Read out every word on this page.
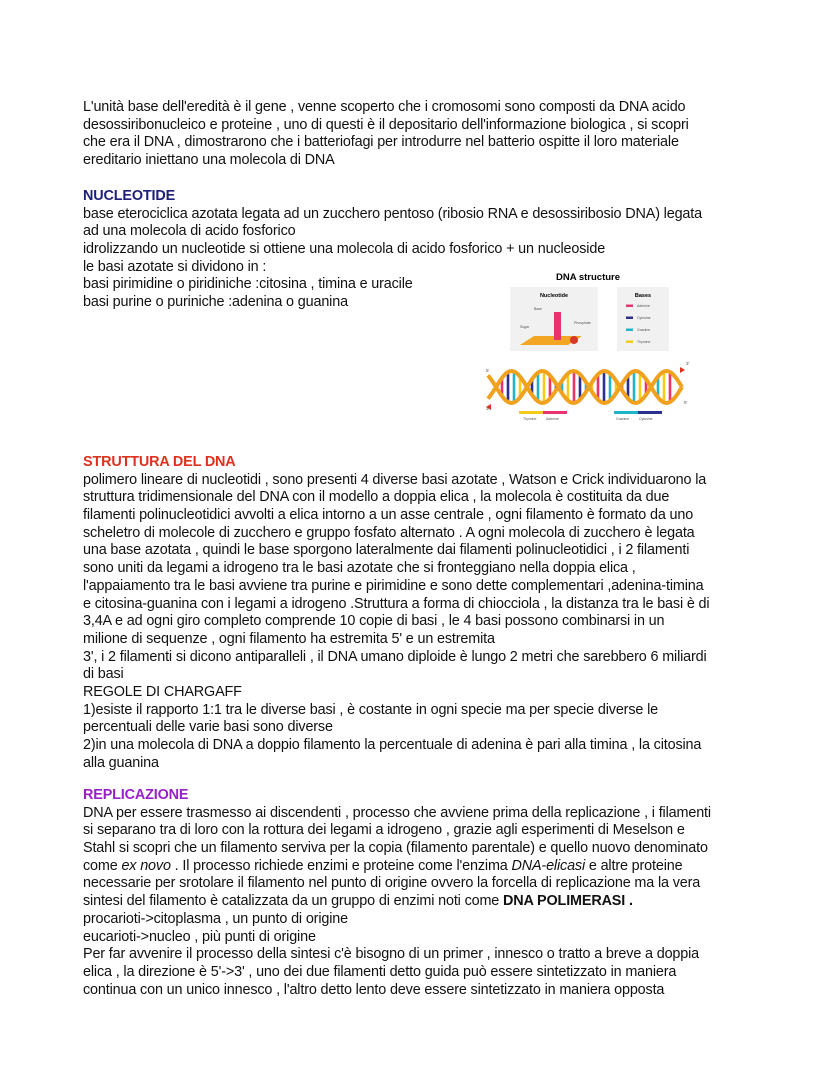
L'unità base dell'eredità è il gene , venne scoperto che i cromosomi sono composti da DNA acido
desossiribonucleico e proteine , uno di questi è il depositario dell'informazione biologica , si scopri
che era il DNA , dimostrarono che i batteriofagi per introdurre nel batterio ospitte il loro materiale
ereditario iniettano una molecola di DNA
NUCLEOTIDE
base eterociclica azotata legata ad un zucchero pentoso (ribosio RNA e desossiribosio DNA) legata
ad una molecola di acido fosforico
idrolizzando un nucleotide si ottiene una molecola di acido fosforico + un nucleoside
le basi azotate si dividono in :
basi pirimidine o piridiniche :citosina , timina e uracile
basi purine o puriniche :adenina o guanina
DNA structure
Nucleotide	Bases
Base
Sugar
Phosphate
Adenine
Cytosine
Guanine
Thymine
5'
3'
3'
5'
Thymine	Adenine	Guanine	Cytosine
STRUTTURA DEL DNA
polimero lineare di nucleotidi , sono presenti 4 diverse basi azotate , Watson e Crick individuarono la
struttura tridimensionale del DNA con il modello a doppia elica , la molecola è costituita da due
filamenti polinucleotidici avvolti a elica intorno a un asse centrale , ogni filamento è formato da uno
scheletro di molecole di zucchero e gruppo fosfato alternato . A ogni molecola di zucchero è legata
una base azotata , quindi le base sporgono lateralmente dai filamenti polinucleotidici , i 2 filamenti
sono uniti da legami a idrogeno tra le basi azotate che si fronteggiano nella doppia elica ,
l'appaiamento tra le basi avviene tra purine e pirimidine e sono dette complementari ,adenina-timina
e citosina-guanina con i legami a idrogeno .Struttura a forma di chiocciola , la distanza tra le basi è di
3,4A e ad ogni giro completo comprende 10 copie di basi , le 4 basi possono combinarsi in un
milione di sequenze , ogni filamento ha estremita 5' e un estremita
3', i 2 filamenti si dicono antiparalleli , il DNA umano diploide è lungo 2 metri che sarebbero 6 miliardi
di basi
REGOLE DI CHARGAFF
1)esiste il rapporto 1:1 tra le diverse basi , è costante in ogni specie ma per specie diverse le
percentuali delle varie basi sono diverse
2)in una molecola di DNA a doppio filamento la percentuale di adenina è pari alla timina , la citosina
alla guanina
REPLICAZIONE
DNA per essere trasmesso ai discendenti , processo che avviene prima della replicazione , i filamenti
si separano tra di loro con la rottura dei legami a idrogeno , grazie agli esperimenti di Meselson e
Stahl si scopri che un filamento serviva per la copia (filamento parentale) e quello nuovo denominato
come ex novo . Il processo richiede enzimi e proteine come l'enzima DNA-elicasi e altre proteine
necessarie per srotolare il filamento nel punto di origine ovvero la forcella di replicazione ma la vera
sintesi del filamento è catalizzata da un gruppo di enzimi noti come DNA POLIMERASI .
procarioti->citoplasma , un punto di origine
eucarioti->nucleo , più punti di origine
Per far avvenire il processo della sintesi c'è bisogno di un primer , innesco o tratto a breve a doppia
elica , la direzione è 5'->3' , uno dei due filamenti detto guida può essere sintetizzato in maniera
continua con un unico innesco , l'altro detto lento deve essere sintetizzato in maniera opposta
